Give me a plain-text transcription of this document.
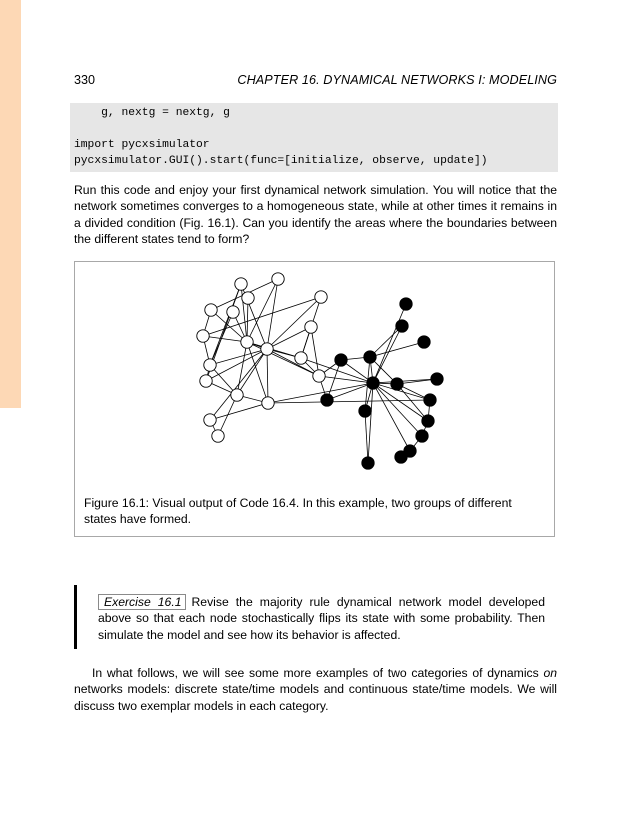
330	CHAPTER 16. DYNAMICAL NETWORKS I: MODELING
g, nextg = nextg, g
import pycxsimulator
pycxsimulator.GUI().start(func=[initialize, observe, update])

Run this code and enjoy your first dynamical network simulation. You will notice that the network sometimes converges to a homogeneous state, while at other times it remains in a divided condition (Fig. 16.1). Can you identify the areas where the boundaries between the different states tend to form?

Figure 16.1: Visual output of Code 16.4. In this example, two groups of different states have formed.
Exercise 16.1 Revise the majority rule dynamical network model developed above so that each node stochastically flips its state with some probability. Then simulate the model and see how its behavior is affected.

In what follows, we will see some more examples of two categories of dynamics on networks models: discrete state/time models and continuous state/time models. We will discuss two exemplar models in each category.
